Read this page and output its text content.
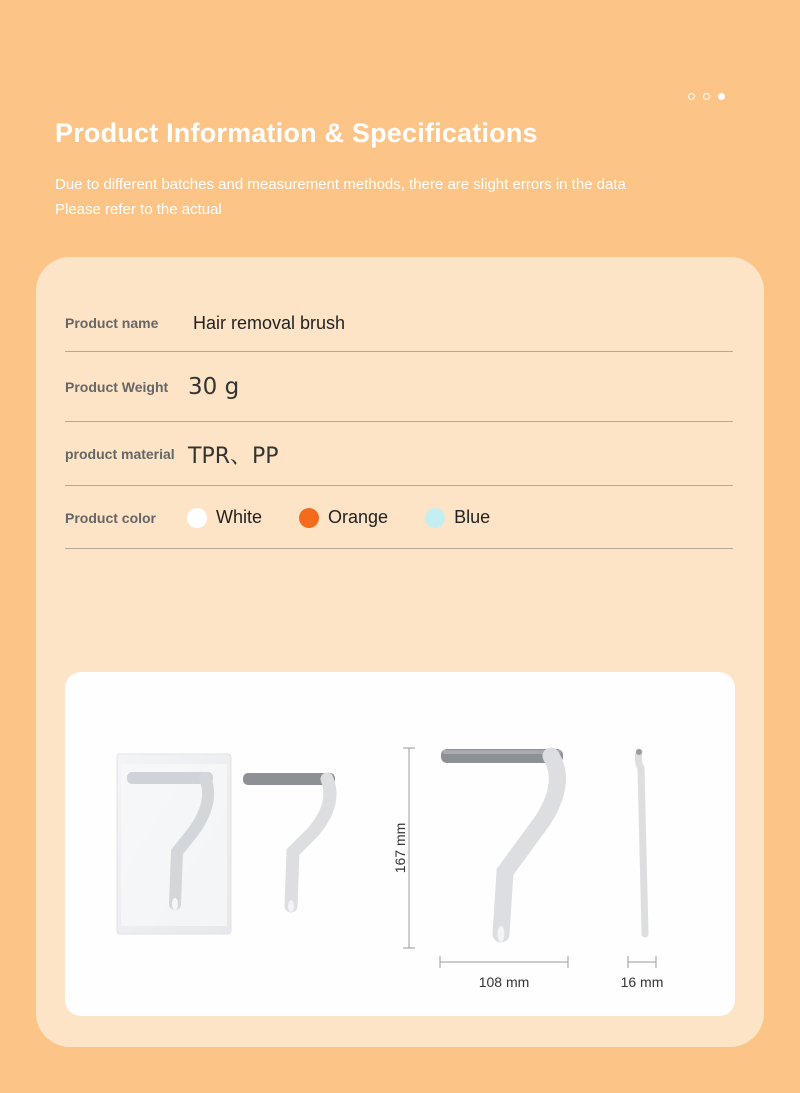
Product Information & Specifications
Due to different batches and measurement methods, there are slight errors in the data
Please refer to the actual
Product name	Hair removal brush
Product Weight 30 g
product material TPR、PP
Product color	White	Orange	Blue
167 mm
108 mm	16 mm
